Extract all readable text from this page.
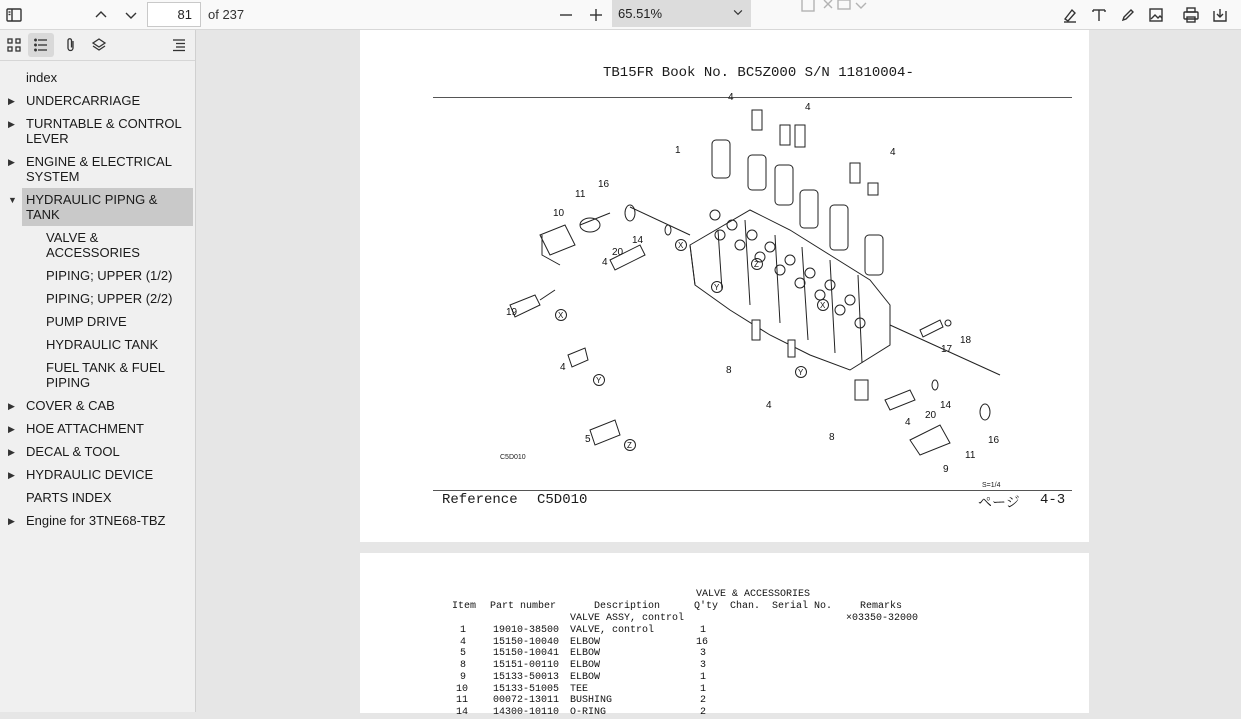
81
of 237	65.51%
index
▶ UNDERCARRIAGE
▶ TURNTABLE & CONTROL LEVER
▶ ENGINE & ELECTRICAL SYSTEM
▼ HYDRAULIC PIPNG & TANK
VALVE & ACCESSORIES
PIPING; UPPER (1/2)
PIPING; UPPER (2/2)
PUMP DRIVE
HYDRAULIC TANK
FUEL TANK & FUEL PIPING
▶ COVER & CAB
▶ HOE ATTACHMENT
▶ DECAL & TOOL
▶ HYDRAULIC DEVICE
PARTS INDEX
▶ Engine for 3TNE68-TBZ
TB15FR Book No. BC5Z000 S/N 11810004-
4
4
4
1
16
11
10
14
20
4
19
4
5
8
4
17
18
20
14
4
8
9
11
16
X
Y
Z
X
Y
Z
X
Y
C5D010
S=1/4
Reference C5D010	ページ 4-3
VALVE & ACCESSORIES
Item Part number	Description	Q'ty Chan. Serial No.	Remarks
VALVE ASSY, control	×03350-32000
1	19010-38500 VALVE, control	1
4	15150-10040 ELBOW	16
5	15150-10041 ELBOW	3
8	15151-00110 ELBOW	3
9	15133-50013 ELBOW	1
10 15133-51005 TEE	1
11 00072-13011 BUSHING	2
14 14300-10110 O-RING	2
